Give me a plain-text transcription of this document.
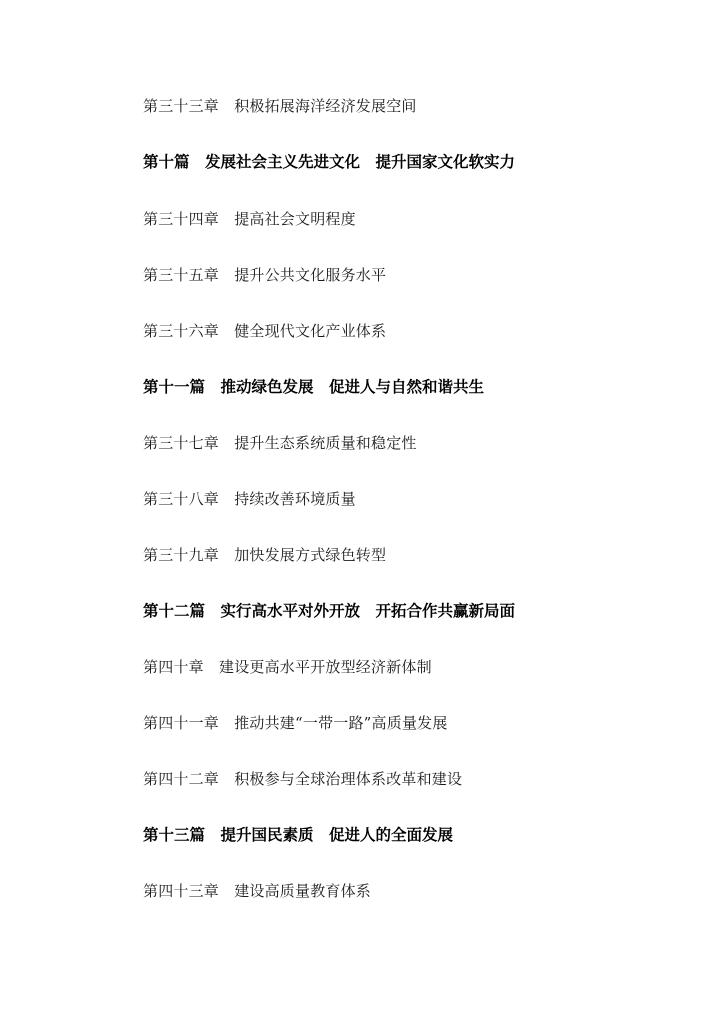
第三十三章　积极拓展海洋经济发展空间
第十篇　发展社会主义先进文化　提升国家文化软实力
第三十四章　提高社会文明程度
第三十五章　提升公共文化服务水平
第三十六章　健全现代文化产业体系
第十一篇　推动绿色发展　促进人与自然和谐共生
第三十七章　提升生态系统质量和稳定性
第三十八章　持续改善环境质量
第三十九章　加快发展方式绿色转型
第十二篇　实行高水平对外开放　开拓合作共赢新局面
第四十章　建设更高水平开放型经济新体制
第四十一章　推动共建“一带一路”高质量发展
第四十二章　积极参与全球治理体系改革和建设
第十三篇　提升国民素质　促进人的全面发展
第四十三章　建设高质量教育体系
